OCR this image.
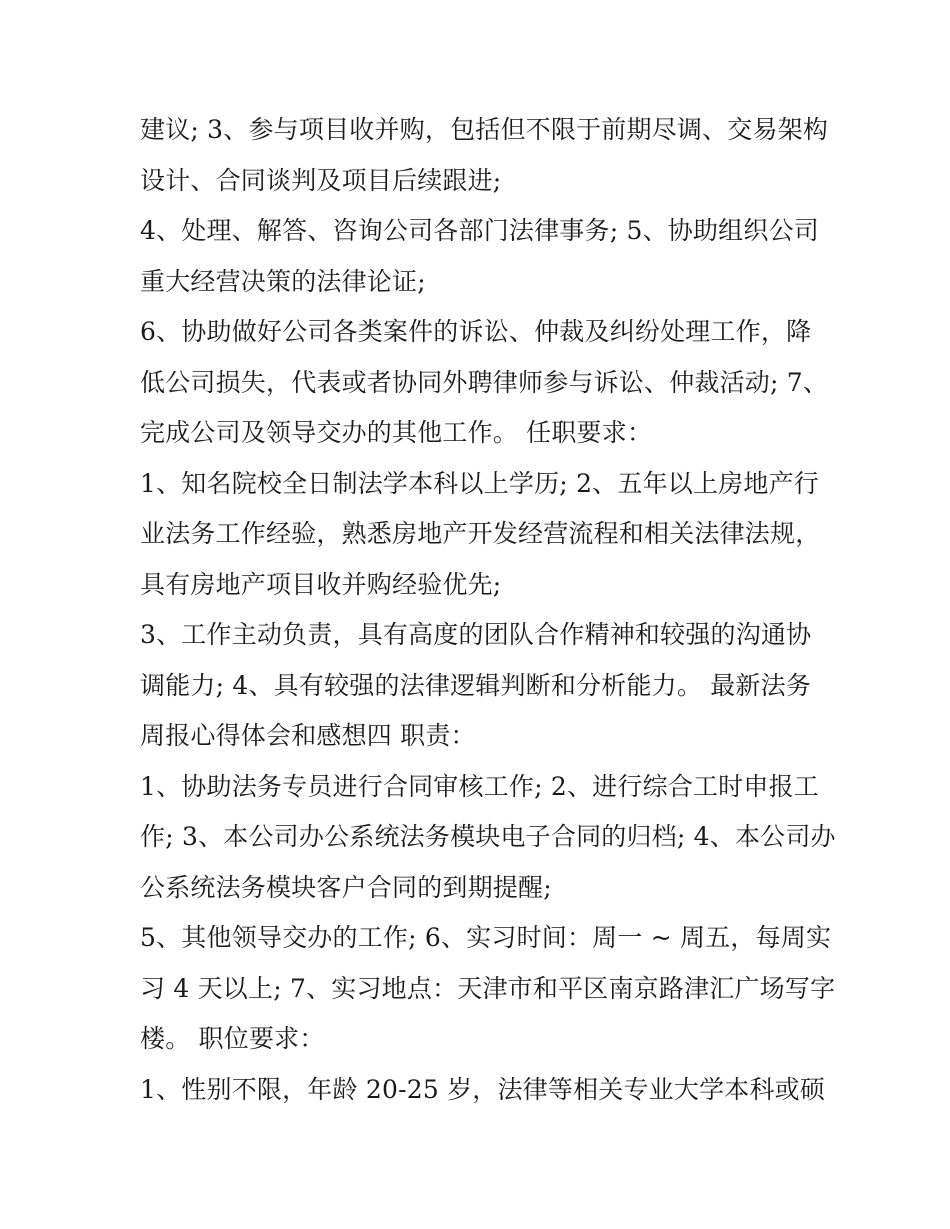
建议; 3、参与项目收并购，包括但不限于前期尽调、交易架构
设计、合同谈判及项目后续跟进;
4、处理、解答、咨询公司各部门法律事务; 5、协助组织公司
重大经营决策的法律论证;
6、协助做好公司各类案件的诉讼、仲裁及纠纷处理工作，降
低公司损失，代表或者协同外聘律师参与诉讼、仲裁活动; 7、
完成公司及领导交办的其他工作。 任职要求：
1、知名院校全日制法学本科以上学历; 2、五年以上房地产行
业法务工作经验，熟悉房地产开发经营流程和相关法律法规，
具有房地产项目收并购经验优先;
3、工作主动负责，具有高度的团队合作精神和较强的沟通协
调能力; 4、具有较强的法律逻辑判断和分析能力。 最新法务
周报心得体会和感想四 职责：
1、协助法务专员进行合同审核工作; 2、进行综合工时申报工
作; 3、本公司办公系统法务模块电子合同的归档; 4、本公司办
公系统法务模块客户合同的到期提醒;
5、其他领导交办的工作; 6、实习时间：周一 ~ 周五，每周实
习 4 天以上; 7、实习地点：天津市和平区南京路津汇广场写字
楼。 职位要求：
1、性别不限，年龄 20-25 岁，法律等相关专业大学本科或硕
